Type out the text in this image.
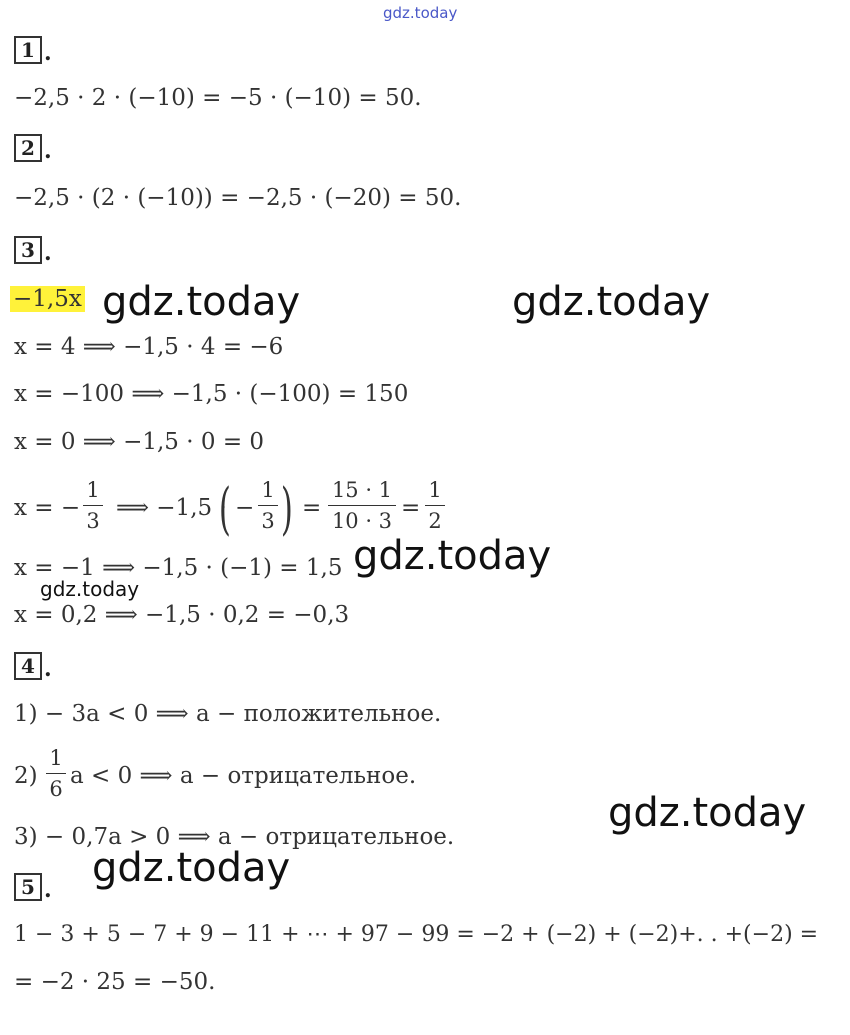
gdz.today
1 .
−2,5 · 2 · (−10) = −5 · (−10) = 50.
2 .
−2,5 · (2 · (−10)) = −2,5 · (−20) = 50.
3 .
−1,5x gdz.today	gdz.today
x = 4 ⟹ −1,5 · 4 = −6
x = −100 ⟹ −1,5 · (−100) = 150
x = 0 ⟹ −1,5 · 0 = 0
x = −
1
3 ⟹ −1,5 ·
( −
1
3 ) =
15 · 1
10 · 3 =
1
2
x = −1 ⟹ −1,5 · (−1) = 1,5 gdz.today
gdz.today
x = 0,2 ⟹ −1,5 · 0,2 = −0,3
4 .
1) − 3a < 0 ⟹ a − положительное.
2)
1
6 a < 0 ⟹ a − отрицательное.
gdz.today
3) − 0,7a > 0 ⟹ a − отрицательное.
gdz.today
5 .
1 − 3 + 5 − 7 + 9 − 11 + ⋯ + 97 − 99 = −2 + (−2) + (−2)+. . +(−2) =
= −2 · 25 = −50.
